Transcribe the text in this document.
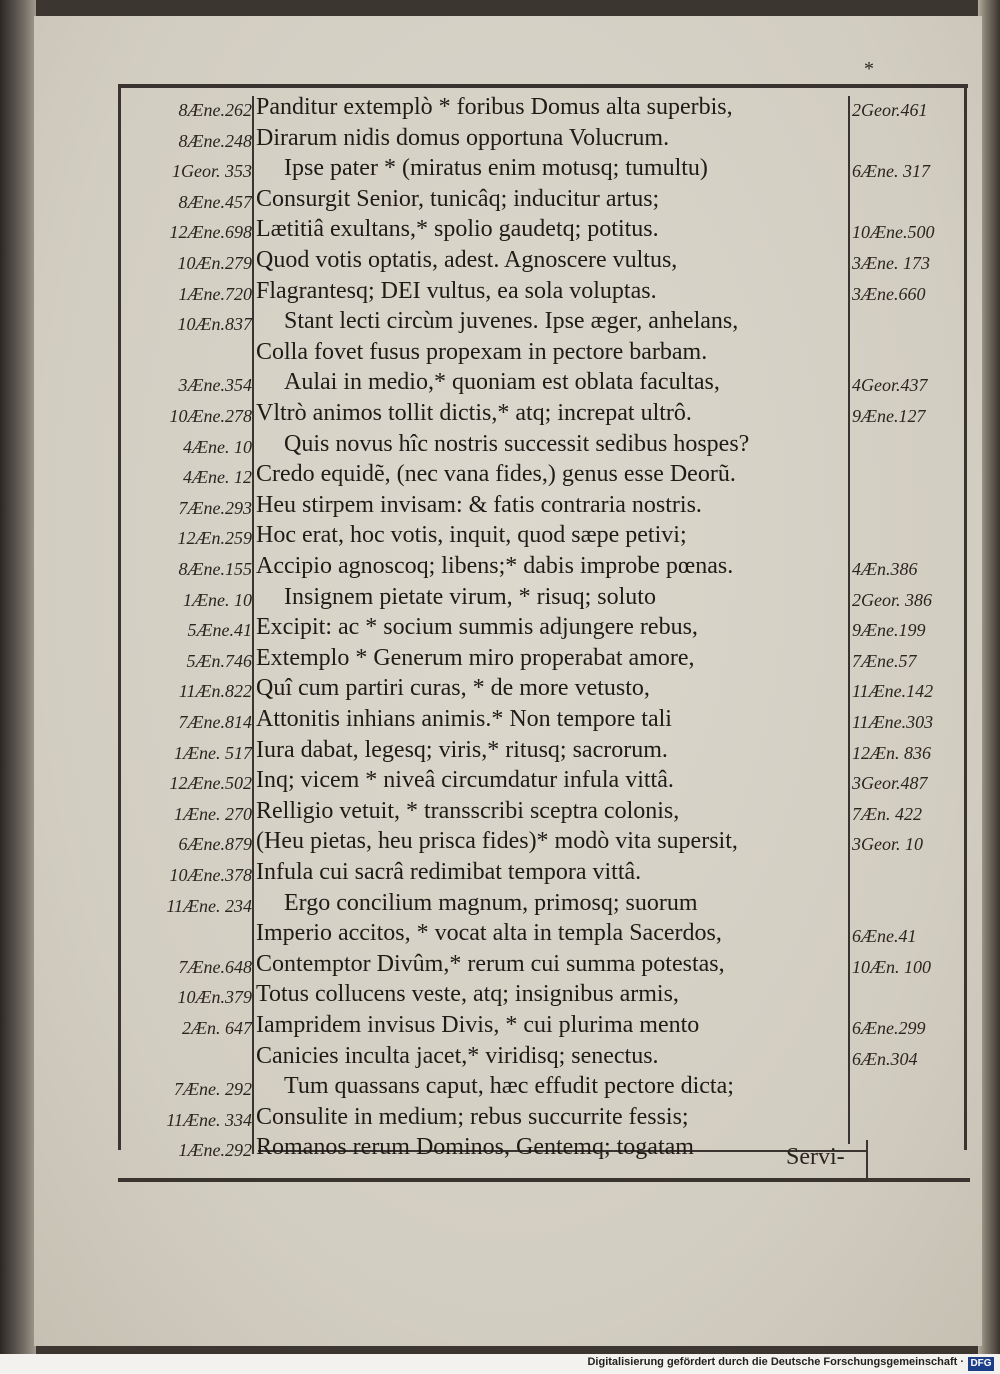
*
8Æne.262 Panditur extemplò * foribus Domus alta superbis,	2Geor.461
8Æne.248 Dirarum nidis domus opportuna Volucrum.
1Geor. 353	Ipse pater * (miratus enim motusq; tumultu)	6Æne. 317
8Æne.457 Consurgit Senior, tunicâq; inducitur artus;
12Æne.698 Lætitiâ exultans,* spolio gaudetq; potitus.	10Æne.500
10Æn.279 Quod votis optatis, adest. Agnoscere vultus,	3Æne. 173
1Æne.720 Flagrantesq; DEI vultus, ea sola voluptas.	3Æne.660
10Æn.837	Stant lecti circùm juvenes. Ipse æger, anhelans,
Colla fovet fusus propexam in pectore barbam.
3Æne.354	Aulai in medio,* quoniam est oblata facultas,	4Geor.437
10Æne.278 Vltrò animos tollit dictis,* atq; increpat ultrô.	9Æne.127
4Æne. 10	Quis novus hîc nostris successit sedibus hospes?
4Æne. 12 Credo equidẽ, (nec vana fides,) genus esse Deorũ.
7Æne.293 Heu stirpem invisam: & fatis contraria nostris.
12Æn.259 Hoc erat, hoc votis, inquit, quod sæpe petivi;
8Æne.155 Accipio agnoscoq; libens;* dabis improbe pœnas.	4Æn.386
1Æne. 10	Insignem pietate virum, * risuq; soluto	2Geor. 386
5Æne.41 Excipit: ac * socium summis adjungere rebus,	9Æne.199
5Æn.746 Extemplo * Generum miro properabat amore,	7Æne.57
11Æn.822 Quî cum partiri curas, * de more vetusto,	11Æne.142
7Æne.814 Attonitis inhians animis.* Non tempore tali	11Æne.303
1Æne. 517 Iura dabat, legesq; viris,* ritusq; sacrorum.	12Æn. 836
12Æne.502 Inq; vicem * niveâ circumdatur infula vittâ.	3Geor.487
1Æne. 270 Relligio vetuit, * transscribi sceptra colonis,	7Æn. 422
6Æne.879 (Heu pietas, heu prisca fides)* modò vita supersit,	3Geor. 10
10Æne.378 Infula cui sacrâ redimibat tempora vittâ.
11Æne. 234	Ergo concilium magnum, primosq; suorum
Imperio accitos, * vocat alta in templa Sacerdos,	6Æne.41
7Æne.648 Contemptor Divûm,* rerum cui summa potestas,	10Æn. 100
10Æn.379 Totus collucens veste, atq; insignibus armis,
2Æn. 647 Iampridem invisus Divis, * cui plurima mento	6Æne.299
Canicies inculta jacet,* viridisq; senectus.	6Æn.304
7Æne. 292	Tum quassans caput, hæc effudit pectore dicta;
11Æne. 334 Consulite in medium; rebus succurrite fessis;
1Æne.292 Romanos rerum Dominos, Gentemq; togatam	Servi-
Digitalisierung gefördert durch die Deutsche Forschungsgemeinschaft · DFG
